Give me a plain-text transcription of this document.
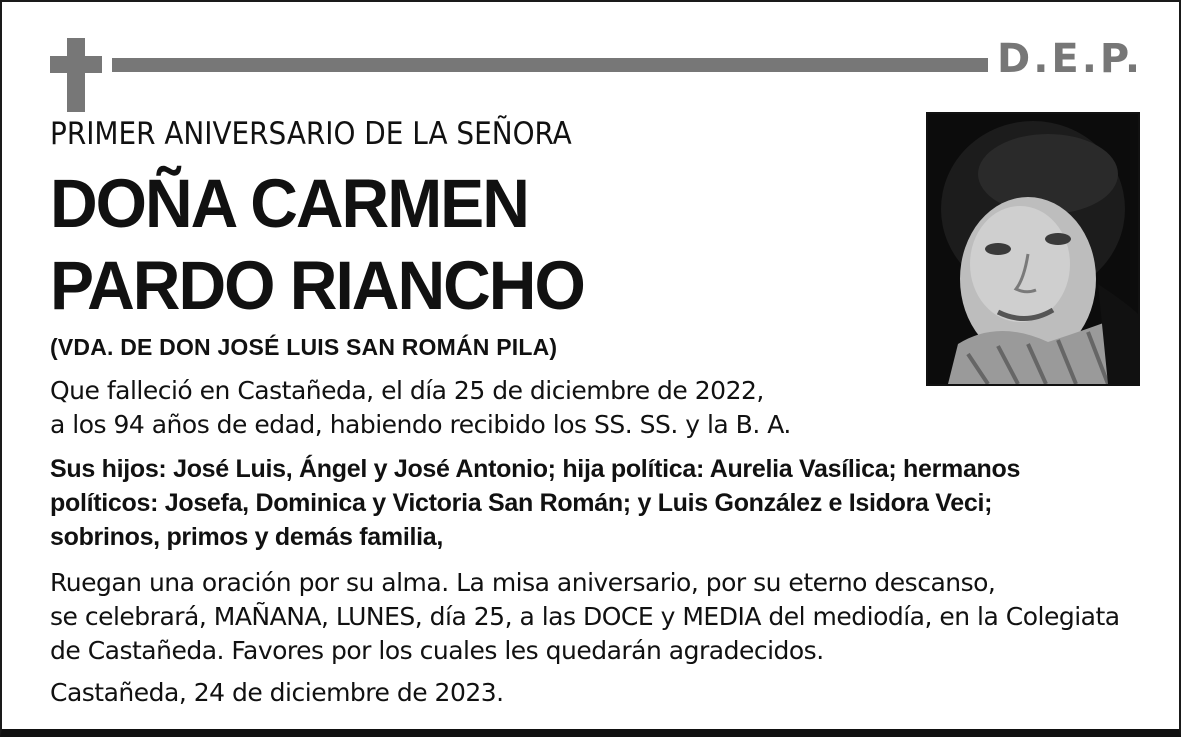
D.E.P.
PRIMER ANIVERSARIO DE LA SEÑORA
DOÑA CARMEN
PARDO RIANCHO
(VDA. DE DON JOSÉ LUIS SAN ROMÁN PILA)
Que falleció en Castañeda, el día 25 de diciembre de 2022,
a los 94 años de edad, habiendo recibido los SS. SS. y la B. A.
Sus hijos: José Luis, Ángel y José Antonio; hija política: Aurelia Vasílica; hermanos
políticos: Josefa, Dominica y Victoria San Román; y Luis González e Isidora Veci;
sobrinos, primos y demás familia,
Ruegan una oración por su alma. La misa aniversario, por su eterno descanso,
se celebrará, MAÑANA, LUNES, día 25, a las DOCE y MEDIA del mediodía, en la Colegiata
de Castañeda. Favores por los cuales les quedarán agradecidos.
Castañeda, 24 de diciembre de 2023.
